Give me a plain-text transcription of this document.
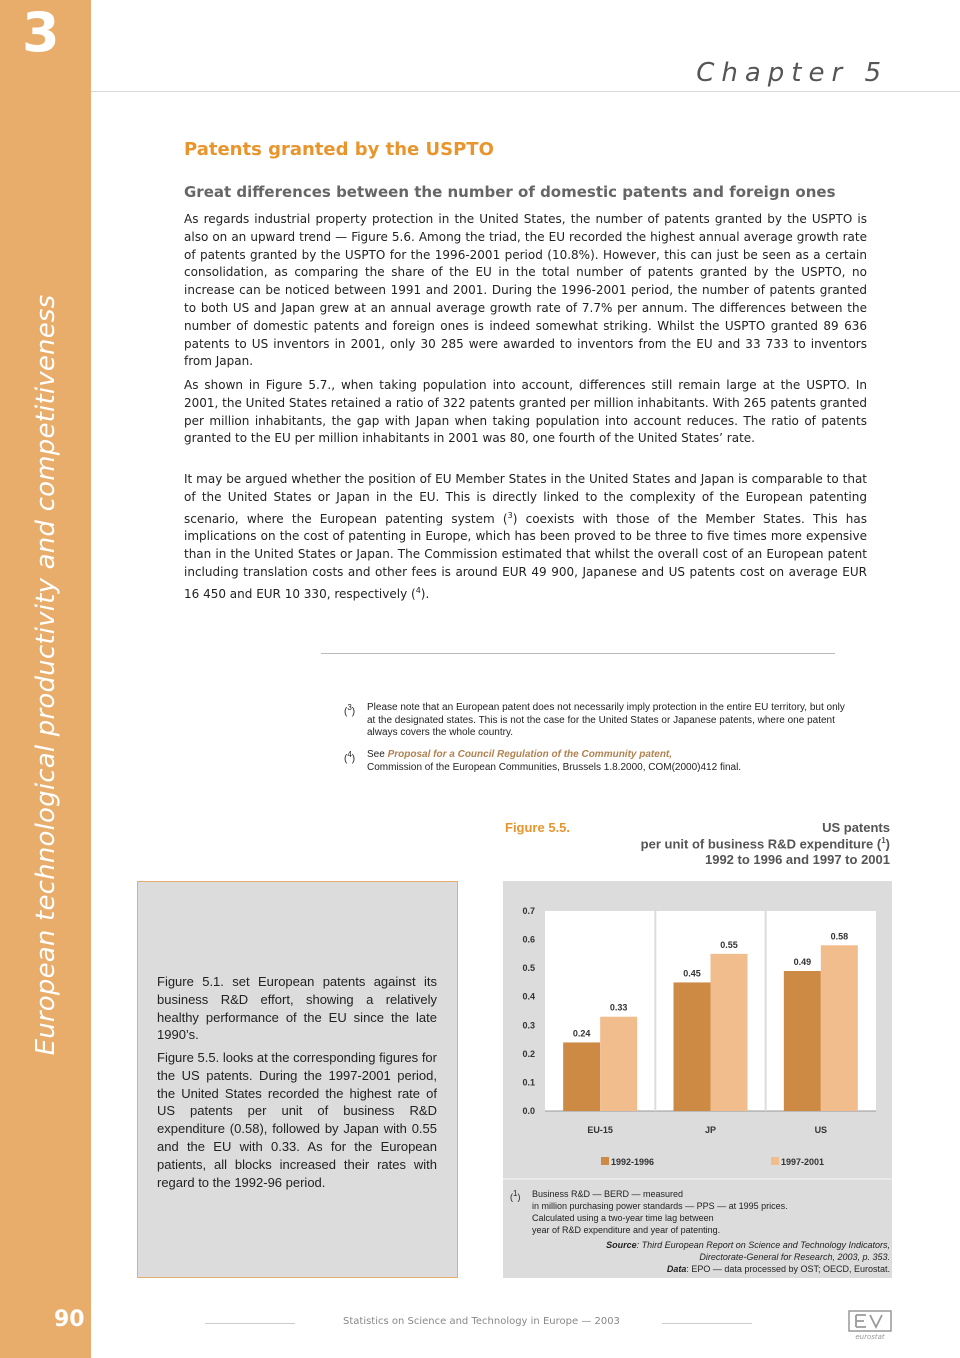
3
European technological productivity and competitiveness
90
Chapter 5
Patents granted by the USPTO
Great differences between the number of domestic patents and foreign ones
As regards industrial property protection in the United States, the number of patents granted by the USPTO is also on an upward trend — Figure 5.6. Among the triad, the EU recorded the highest annual average growth rate of patents granted by the USPTO for the 1996-2001 period (10.8%). However, this can just be seen as a certain consolidation, as comparing the share of the EU in the total number of patents granted by the USPTO, no increase can be noticed between 1991 and 2001. During the 1996-2001 period, the number of patents granted to both US and Japan grew at an annual average growth rate of 7.7% per annum. The differences between the number of domestic patents and foreign ones is indeed somewhat striking. Whilst the USPTO granted 89 636 patents to US inventors in 2001, only 30 285 were awarded to inventors from the EU and 33 733 to inventors from Japan.
As shown in Figure 5.7., when taking population into account, differences still remain large at the USPTO. In 2001, the United States retained a ratio of 322 patents granted per million inhabitants. With 265 patents granted per million inhabitants, the gap with Japan when taking population into account reduces. The ratio of patents granted to the EU per million inhabitants in 2001 was 80, one fourth of the United States’ rate.
It may be argued whether the position of EU Member States in the United States and Japan is comparable to that of the United States or Japan in the EU. This is directly linked to the complexity of the European patenting scenario, where the European patenting system ($^3$) coexists with those of the Member States. This has implications on the cost of patenting in Europe, which has been proved to be three to five times more expensive than in the United States or Japan. The Commission estimated that whilst the overall cost of an European patent including translation costs and other fees is around EUR 49 900, Japanese and US patents cost on average EUR 16 450 and EUR 10 330, respectively ($^4$).
($^3$) Please note that an European patent does not necessarily imply protection in the entire EU territory, but only at the designated states. This is not the case for the United States or Japanese patents, where one patent always covers the whole country.
($^4$) See Proposal for a Council Regulation of the Community patent,
Commission of the European Communities, Brussels 1.8.2000, COM(2000)412 final.
Figure 5.1. set European patents against its business R&D effort, showing a relatively healthy performance of the EU since the late 1990’s.
Figure 5.5. looks at the corresponding figures for the US patents. During the 1997-2001 period, the United States recorded the highest rate of US patents per unit of business R&D expenditure (0.58), followed by Japan with 0.55 and the EU with 0.33. As for the European patients, all blocks increased their rates with regard to the 1992-96 period.
Figure 5.5.	US patents
per unit of business R&D expenditure ($^1$)
1992 to 1996 and 1997 to 2001
0.0
0.1
0.2
0.3
0.4
0.5
0.6
0.7
0.24
0.33
EU-15
0.45
0.55
JP
0.49
0.58
US
1992-1996	1997-2001
($^1$) Business R&D — BERD — measured
in million purchasing power standards — PPS — at 1995 prices.
Calculated using a two-year time lag between
year of R&D expenditure and year of patenting.
Source: Third European Report on Science and Technology Indicators,
Directorate-General for Research, 2003, p. 353.
Data: EPO — data processed by OST; OECD, Eurostat.
Statistics on Science and Technology in Europe — 2003
eurostat
